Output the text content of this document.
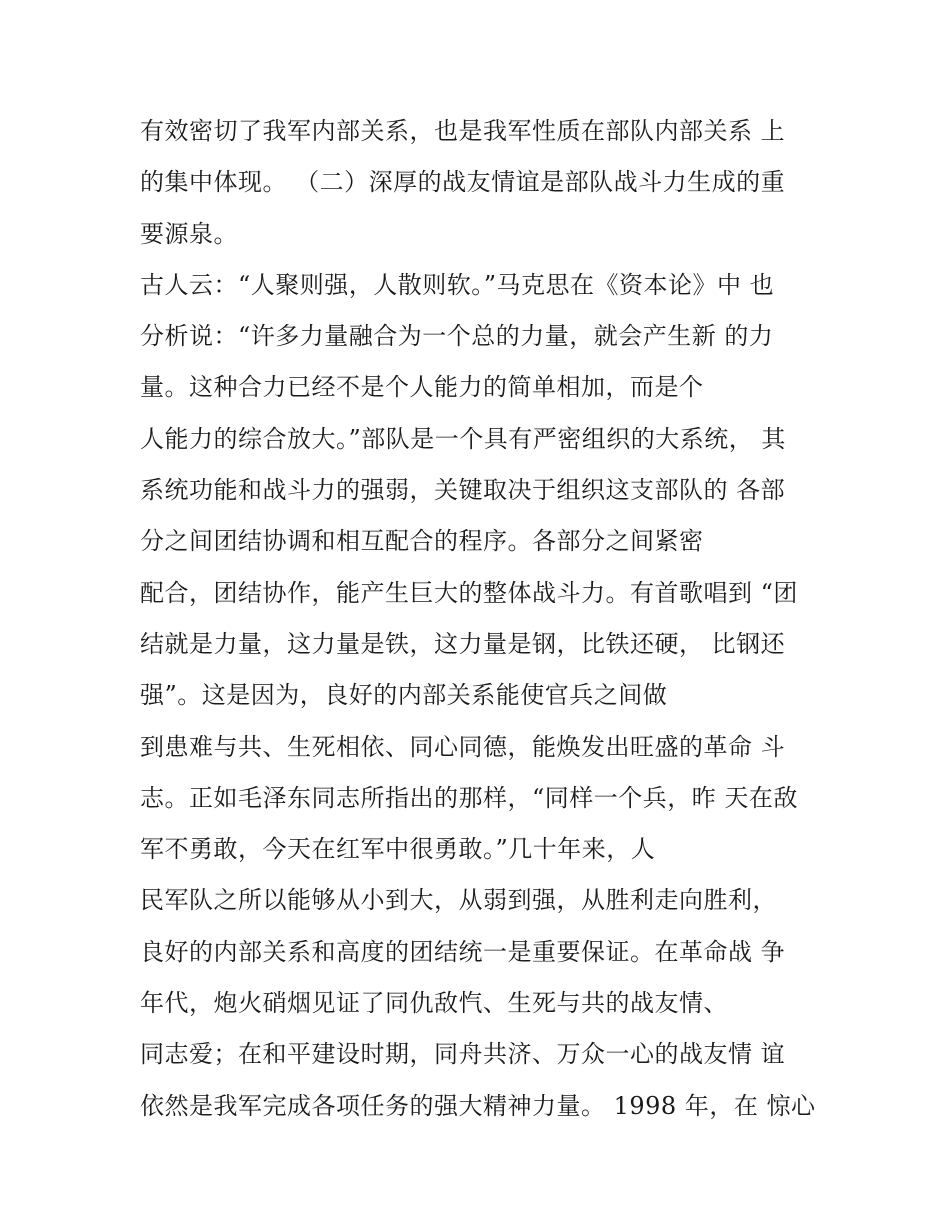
有效密切了我军内部关系，也是我军性质在部队内部关系 上
的集中体现。 （二）深厚的战友情谊是部队战斗力生成的重
要源泉。
古人云：“人聚则强，人散则软。”马克思在《资本论》中 也
分析说：“许多力量融合为一个总的力量，就会产生新 的力
量。这种合力已经不是个人能力的简单相加，而是个
人能力的综合放大。”部队是一个具有严密组织的大系统， 其
系统功能和战斗力的强弱，关键取决于组织这支部队的 各部
分之间团结协调和相互配合的程序。各部分之间紧密
配合，团结协作，能产生巨大的整体战斗力。有首歌唱到 “团
结就是力量，这力量是铁，这力量是钢，比铁还硬， 比钢还
强”。这是因为，良好的内部关系能使官兵之间做
到患难与共、生死相依、同心同德，能焕发出旺盛的革命 斗
志。正如毛泽东同志所指出的那样，“同样一个兵，昨 天在敌
军不勇敢，今天在红军中很勇敢。”几十年来，人
民军队之所以能够从小到大，从弱到强，从胜利走向胜利，
良好的内部关系和高度的团结统一是重要保证。在革命战 争
年代，炮火硝烟见证了同仇敌忾、生死与共的战友情、
同志爱；在和平建设时期，同舟共济、万众一心的战友情 谊
依然是我军完成各项任务的强大精神力量。 1998 年，在 惊心
